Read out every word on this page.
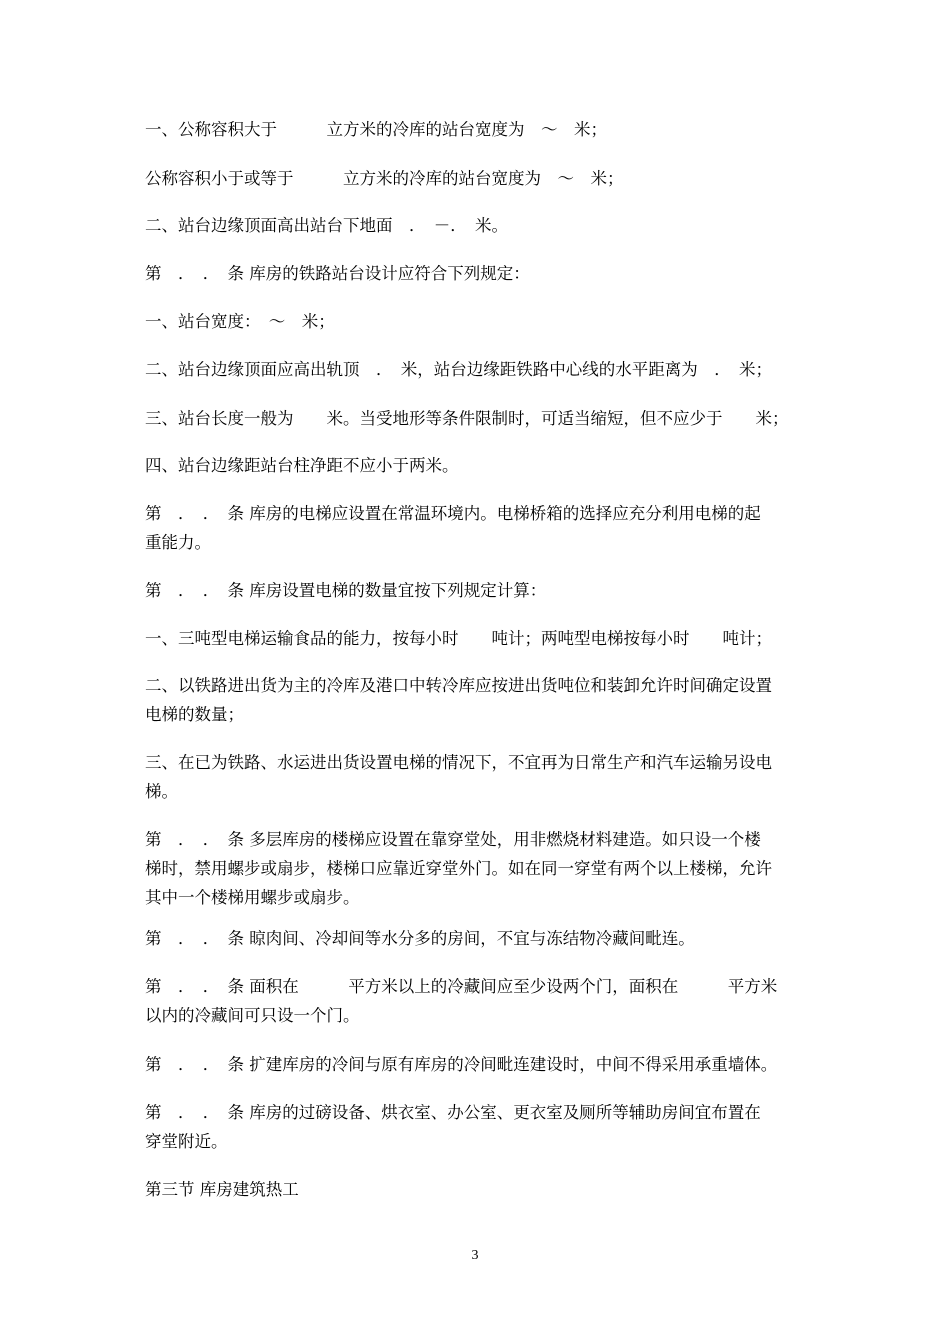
一、公称容积大于　　　立方米的冷库的站台宽度为　～　米；
公称容积小于或等于　　　立方米的冷库的站台宽度为　～　米；
二、站台边缘顶面高出站台下地面　．　－．　米。
第　．　．　条 库房的铁路站台设计应符合下列规定：
一、站台宽度：　～　米；
二、站台边缘顶面应高出轨顶　．　米，站台边缘距铁路中心线的水平距离为　．　米；
三、站台长度一般为　　米。当受地形等条件限制时，可适当缩短，但不应少于　　米；
四、站台边缘距站台柱净距不应小于两米。
第　．　．　条 库房的电梯应设置在常温环境内。电梯桥箱的选择应充分利用电梯的起
重能力。
第　．　．　条 库房设置电梯的数量宜按下列规定计算：
一、三吨型电梯运输食品的能力，按每小时　　吨计；两吨型电梯按每小时　　吨计；
二、以铁路进出货为主的冷库及港口中转冷库应按进出货吨位和装卸允许时间确定设置
电梯的数量；
三、在已为铁路、水运进出货设置电梯的情况下，不宜再为日常生产和汽车运输另设电
梯。
第　．　．　条 多层库房的楼梯应设置在靠穿堂处，用非燃烧材料建造。如只设一个楼
梯时，禁用螺步或扇步，楼梯口应靠近穿堂外门。如在同一穿堂有两个以上楼梯，允许
其中一个楼梯用螺步或扇步。
第　．　．　条 晾肉间、冷却间等水分多的房间，不宜与冻结物冷藏间毗连。
第　．　．　条 面积在　　　平方米以上的冷藏间应至少设两个门，面积在　　　平方米
以内的冷藏间可只设一个门。
第　．　．　条 扩建库房的冷间与原有库房的冷间毗连建设时，中间不得采用承重墙体。
第　．　．　条 库房的过磅设备、烘衣室、办公室、更衣室及厕所等辅助房间宜布置在
穿堂附近。
第三节 库房建筑热工
3
